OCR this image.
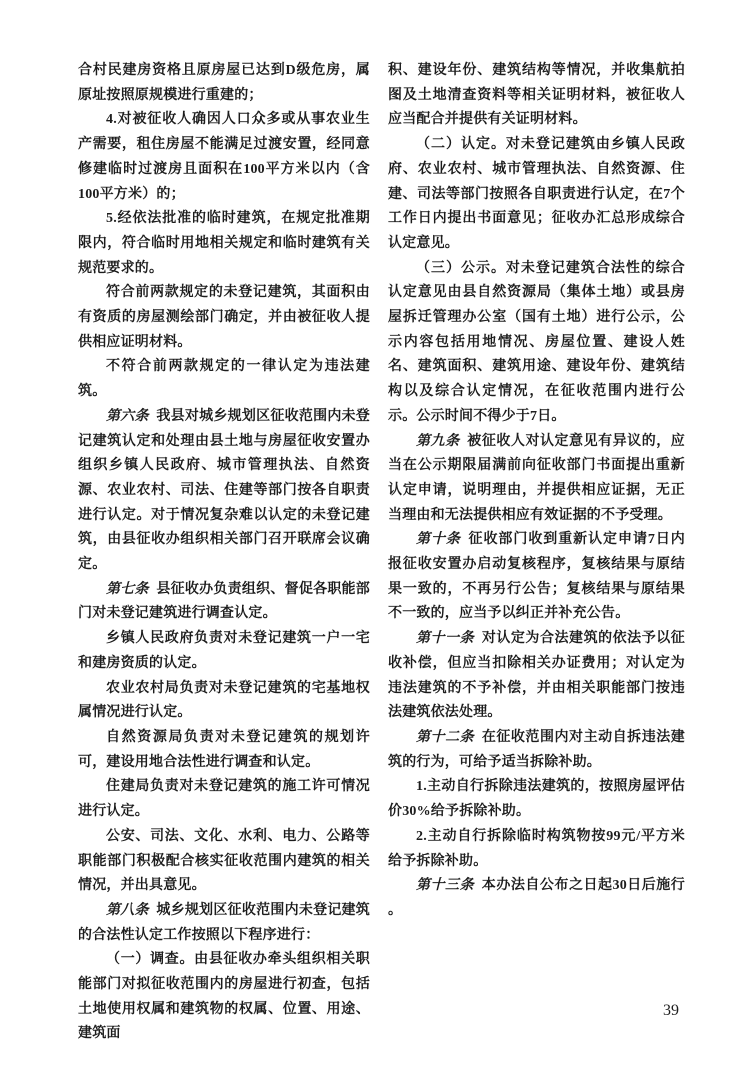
合村民建房资格且原房屋已达到D级危房，属原址按照原规模进行重建的；

4.对被征收人确因人口众多或从事农业生产需要，租住房屋不能满足过渡安置，经同意修建临时过渡房且面积在100平方米以内（含100平方米）的；

5.经依法批准的临时建筑，在规定批准期限内，符合临时用地相关规定和临时建筑有关规范要求的。

符合前两款规定的未登记建筑，其面积由有资质的房屋测绘部门确定，并由被征收人提供相应证明材料。

不符合前两款规定的一律认定为违法建筑。

第六条 我县对城乡规划区征收范围内未登记建筑认定和处理由县土地与房屋征收安置办组织乡镇人民政府、城市管理执法、自然资源、农业农村、司法、住建等部门按各自职责进行认定。对于情况复杂难以认定的未登记建筑，由县征收办组织相关部门召开联席会议确定。

第七条 县征收办负责组织、督促各职能部门对未登记建筑进行调查认定。

乡镇人民政府负责对未登记建筑一户一宅和建房资质的认定。

农业农村局负责对未登记建筑的宅基地权属情况进行认定。

自然资源局负责对未登记建筑的规划许可，建设用地合法性进行调查和认定。

住建局负责对未登记建筑的施工许可情况进行认定。

公安、司法、文化、水利、电力、公路等职能部门积极配合核实征收范围内建筑的相关情况，并出具意见。

第八条 城乡规划区征收范围内未登记建筑的合法性认定工作按照以下程序进行：

（一）调查。由县征收办牵头组织相关职能部门对拟征收范围内的房屋进行初查，包括土地使用权属和建筑物的权属、位置、用途、建筑面

积、建设年份、建筑结构等情况，并收集航拍图及土地清查资料等相关证明材料，被征收人应当配合并提供有关证明材料。

（二）认定。对未登记建筑由乡镇人民政府、农业农村、城市管理执法、自然资源、住建、司法等部门按照各自职责进行认定，在7个工作日内提出书面意见；征收办汇总形成综合认定意见。

（三）公示。对未登记建筑合法性的综合认定意见由县自然资源局（集体土地）或县房屋拆迁管理办公室（国有土地）进行公示，公示内容包括用地情况、房屋位置、建设人姓名、建筑面积、建筑用途、建设年份、建筑结构以及综合认定情况，在征收范围内进行公示。公示时间不得少于7日。

第九条 被征收人对认定意见有异议的，应当在公示期限届满前向征收部门书面提出重新认定申请，说明理由，并提供相应证据，无正当理由和无法提供相应有效证据的不予受理。

第十条 征收部门收到重新认定申请7日内报征收安置办启动复核程序，复核结果与原结果一致的，不再另行公告；复核结果与原结果不一致的，应当予以纠正并补充公告。

第十一条 对认定为合法建筑的依法予以征收补偿，但应当扣除相关办证费用；对认定为违法建筑的不予补偿，并由相关职能部门按违法建筑依法处理。

第十二条 在征收范围内对主动自拆违法建筑的行为，可给予适当拆除补助。

1.主动自行拆除违法建筑的，按照房屋评估价30%给予拆除补助。

2.主动自行拆除临时构筑物按99元/平方米给予拆除补助。

第十三条 本办法自公布之日起30日后施行 。

39
